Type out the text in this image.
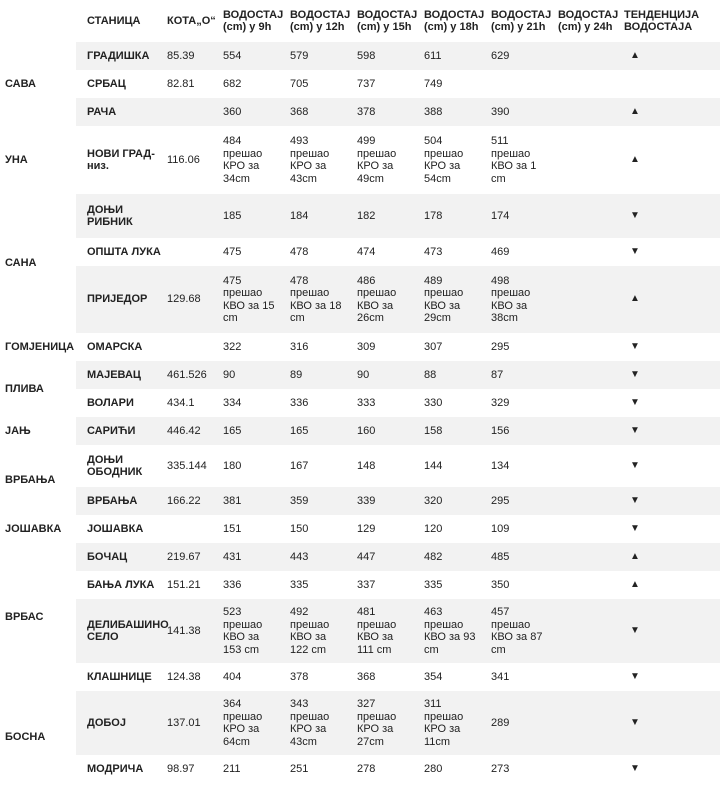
	СТАНИЦА	КОТА„О“	ВОДОСТАЈ
(cm) у 9h	ВОДОСТАЈ
(cm) у 12h	ВОДОСТАЈ
(cm) у 15h	ВОДОСТАЈ
(cm) у 18h	ВОДОСТАЈ
(cm) у 21h	ВОДОСТАЈ
(cm) у 24h	ТЕНДЕНЦИЈА
ВОДОСТАЈА
САВА	ГРАДИШКА	85.39	554	579	598	611	629		▲
	СРБАЦ	82.81	682	705	737	749			
	РАЧА		360	368	378	388	390		▲
УНА	НОВИ ГРАД-
низ.	116.06	484
прешао
КРО за
34cm	493
прешао
КРО за
43cm	499
прешао
КРО за
49cm	504
прешао
КРО за
54cm	511
прешао
КВО за 1
cm		▲
САНА	ДОЊИ
РИБНИК		185	184	182	178	174		▼
	ОПШТА ЛУКА		475	478	474	473	469		▼
	ПРИЈЕДОР	129.68	475
прешао
КВО за 15
cm	478
прешао
КВО за 18
cm	486
прешао
КВО за
26cm	489
прешао
КВО за
29cm	498
прешао
КВО за
38cm		▲
ГОМЈЕНИЦА	ОМАРСКА		322	316	309	307	295		▼
ПЛИВА	МАЈЕВАЦ	461.526	90	89	90	88	87		▼
	ВОЛАРИ	434.1	334	336	333	330	329		▼
ЈАЊ	САРИЋИ	446.42	165	165	160	158	156		▼
ВРБАЊА	ДОЊИ
ОБОДНИК	335.144	180	167	148	144	134		▼
	ВРБАЊА	166.22	381	359	339	320	295		▼
ЈОШАВКА	ЈОШАВКА		151	150	129	120	109		▼
ВРБАС	БОЧАЦ	219.67	431	443	447	482	485		▲
	БАЊА ЛУКА	151.21	336	335	337	335	350		▲
	ДЕЛИБАШИНО
СЕЛО	141.38	523
прешао
КВО за
153 cm	492
прешао
КВО за
122 cm	481
прешао
КВО за
111 cm	463
прешао
КВО за 93
cm	457
прешао
КВО за 87
cm		▼
	КЛАШНИЦЕ	124.38	404	378	368	354	341		▼
БОСНА	ДОБОЈ	137.01	364
прешао
КРО за
64cm	343
прешао
КРО за
43cm	327
прешао
КРО за
27cm	311
прешао
КРО за
11cm	289		▼
	МОДРИЧА	98.97	211	251	278	280	273		▼
